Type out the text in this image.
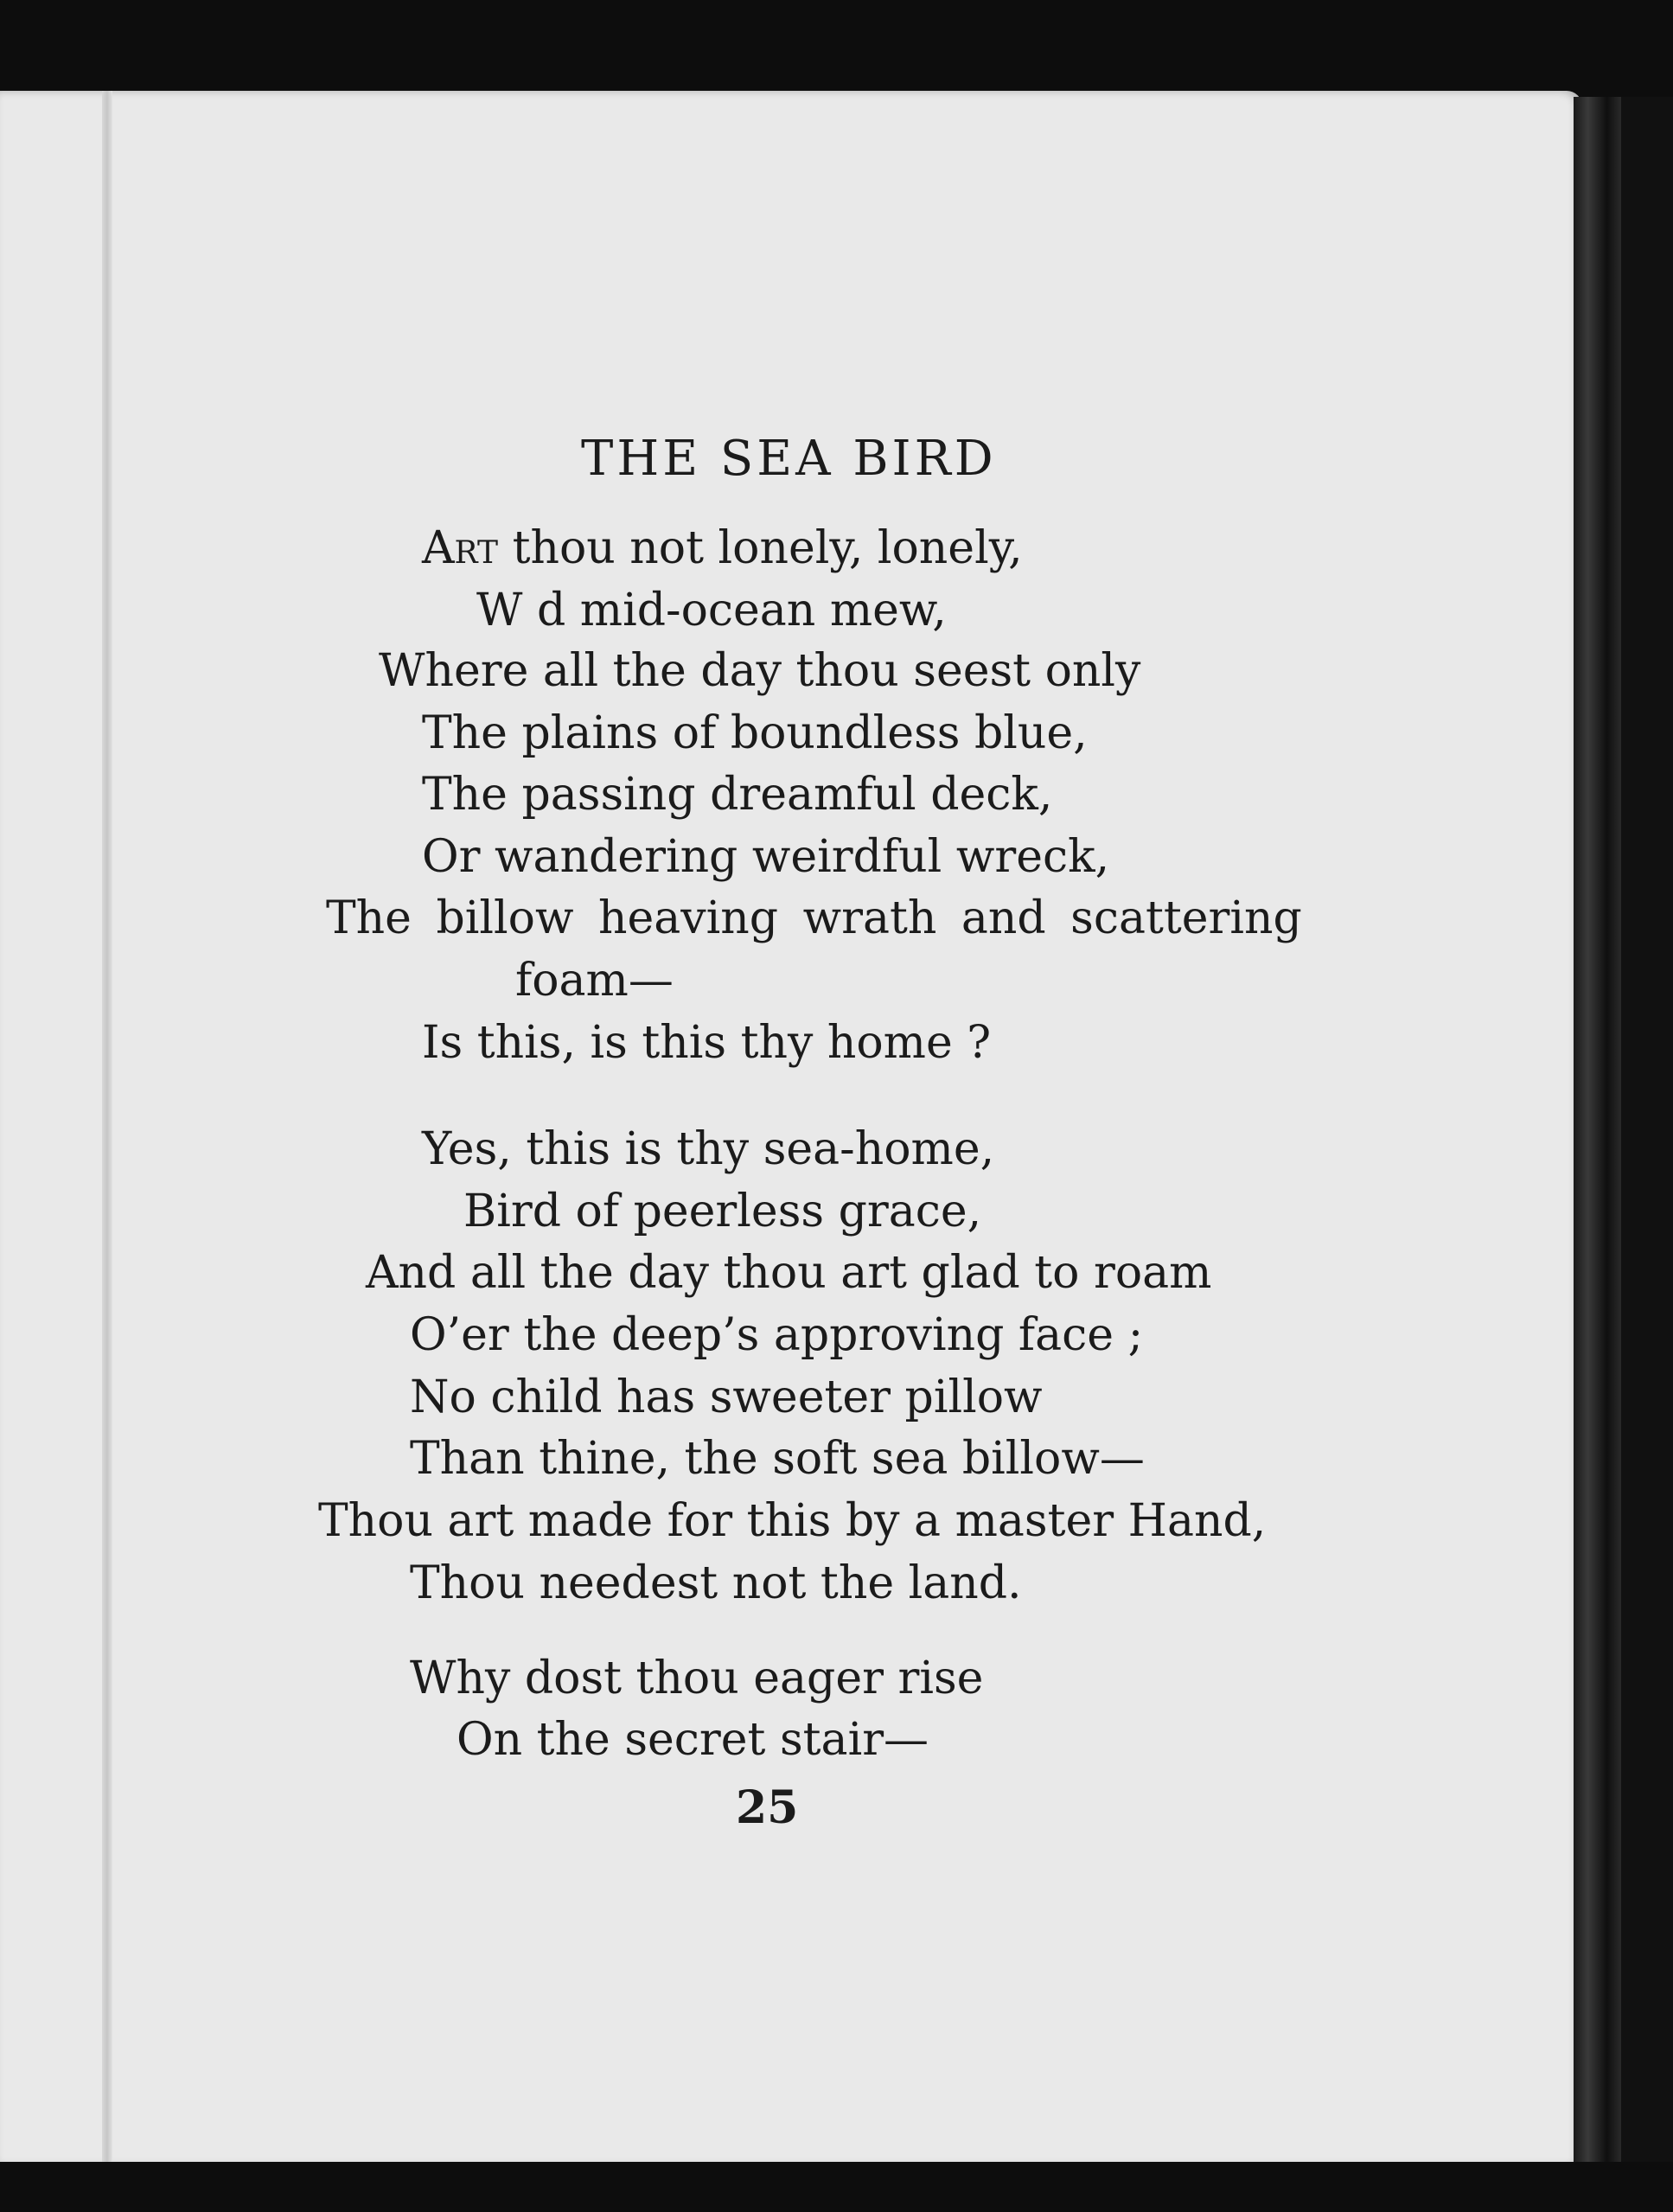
THE SEA BIRD
Art thou not lonely, lonely,
W d mid-ocean mew,
Where all the day thou seest only
The plains of boundless blue,
The passing dreamful deck,
Or wandering weirdful wreck,
The billow heaving wrath and scattering
foam—
Is this, is this thy home ?
Yes, this is thy sea-home,
Bird of peerless grace,
And all the day thou art glad to roam
O’er the deep’s approving face ;
No child has sweeter pillow
Than thine, the soft sea billow—
Thou art made for this by a master Hand,
Thou needest not the land.
Why dost thou eager rise
On the secret stair—
25
